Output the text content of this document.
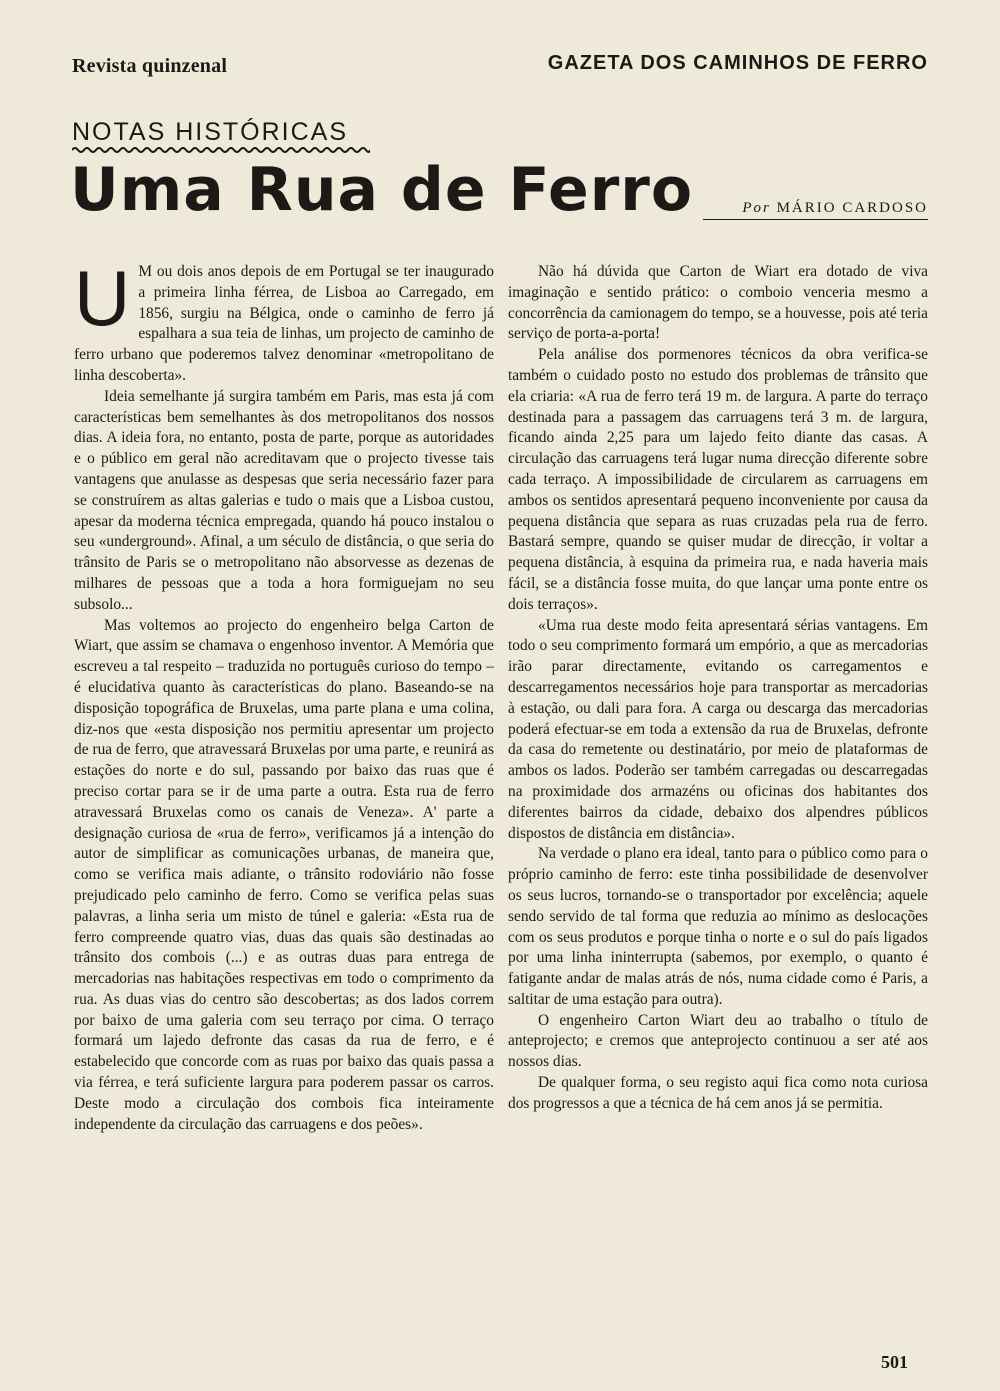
Revista quinzenal	GAZETA DOS CAMINHOS DE FERRO
NOTAS HISTÓRICAS
Uma Rua de Ferro	Por MÁRIO CARDOSO

U M ou dois anos depois de em Portugal se ter inaugurado a primeira linha férrea, de Lisboa ao Carregado, em 1856, surgiu na Bélgica, onde o caminho de ferro já espalhara a sua teia de linhas, um projecto de caminho de ferro urbano que poderemos talvez denominar «metropolitano de linha descoberta».

Ideia semelhante já surgira também em Paris, mas esta já com características bem semelhantes às dos metropolitanos dos nossos dias. A ideia fora, no entanto, posta de parte, porque as autoridades e o público em geral não acreditavam que o projecto tivesse tais vantagens que anulasse as despesas que seria necessário fazer para se construírem as altas galerias e tudo o mais que a Lisboa custou, apesar da moderna técnica empregada, quando há pouco instalou o seu «underground». Afinal, a um século de distância, o que seria do trânsito de Paris se o metropolitano não absorvesse as dezenas de milhares de pessoas que a toda a hora formiguejam no seu subsolo...

Mas voltemos ao projecto do engenheiro belga Carton de Wiart, que assim se chamava o engenhoso inventor. A Memória que escreveu a tal respeito – traduzida no português curioso do tempo – é elucidativa quanto às características do plano. Baseando-se na disposição topográfica de Bruxelas, uma parte plana e uma colina, diz-nos que «esta disposição nos permitiu apresentar um projecto de rua de ferro, que atravessará Bruxelas por uma parte, e reunirá as estações do norte e do sul, passando por baixo das ruas que é preciso cortar para se ir de uma parte a outra. Esta rua de ferro atravessará Bruxelas como os canais de Veneza». A' parte a designação curiosa de «rua de ferro», verificamos já a intenção do autor de simplificar as comunicações urbanas, de maneira que, como se verifica mais adiante, o trânsito rodoviário não fosse prejudicado pelo caminho de ferro. Como se verifica pelas suas palavras, a linha seria um misto de túnel e galeria: «Esta rua de ferro compreende quatro vias, duas das quais são destinadas ao trânsito dos combois (...) e as outras duas para entrega de mercadorias nas habitações respectivas em todo o comprimento da rua. As duas vias do centro são descobertas; as dos lados correm por baixo de uma galeria com seu terraço por cima. O terraço formará um lajedo defronte das casas da rua de ferro, e é estabelecido que concorde com as ruas por baixo das quais passa a via férrea, e terá suficiente largura para poderem passar os carros. Deste modo a circulação dos combois fica inteiramente independente da circulação das carruagens e dos peões».

Não há dúvida que Carton de Wiart era dotado de viva imaginação e sentido prático: o comboio venceria mesmo a concorrência da camionagem do tempo, se a houvesse, pois até teria serviço de porta-a-porta!

Pela análise dos pormenores técnicos da obra verifica-se também o cuidado posto no estudo dos problemas de trânsito que ela criaria: «A rua de ferro terá 19 m. de largura. A parte do terraço destinada para a passagem das carruagens terá 3 m. de largura, ficando ainda 2,25 para um lajedo feito diante das casas. A circulação das carruagens terá lugar numa direcção diferente sobre cada terraço. A impossibilidade de circularem as carruagens em ambos os sentidos apresentará pequeno inconveniente por causa da pequena distância que separa as ruas cruzadas pela rua de ferro. Bastará sempre, quando se quiser mudar de direcção, ir voltar a pequena distância, à esquina da primeira rua, e nada haveria mais fácil, se a distância fosse muita, do que lançar uma ponte entre os dois terraços».

«Uma rua deste modo feita apresentará sérias vantagens. Em todo o seu comprimento formará um empório, a que as mercadorias irão parar directamente, evitando os carregamentos e descarregamentos necessários hoje para transportar as mercadorias à estação, ou dali para fora. A carga ou descarga das mercadorias poderá efectuar-se em toda a extensão da rua de Bruxelas, defronte da casa do remetente ou destinatário, por meio de plataformas de ambos os lados. Poderão ser também carregadas ou descarregadas na proximidade dos armazéns ou oficinas dos habitantes dos diferentes bairros da cidade, debaixo dos alpendres públicos dispostos de distância em distância».

Na verdade o plano era ideal, tanto para o público como para o próprio caminho de ferro: este tinha possibilidade de desenvolver os seus lucros, tornando-se o transportador por excelência; aquele sendo servido de tal forma que reduzia ao mínimo as deslocações com os seus produtos e porque tinha o norte e o sul do país ligados por uma linha ininterrupta (sabemos, por exemplo, o quanto é fatigante andar de malas atrás de nós, numa cidade como é Paris, a saltitar de uma estação para outra).

O engenheiro Carton Wiart deu ao trabalho o título de anteprojecto; e cremos que anteprojecto continuou a ser até aos nossos dias.

De qualquer forma, o seu registo aqui fica como nota curiosa dos progressos a que a técnica de há cem anos já se permitia.

501
